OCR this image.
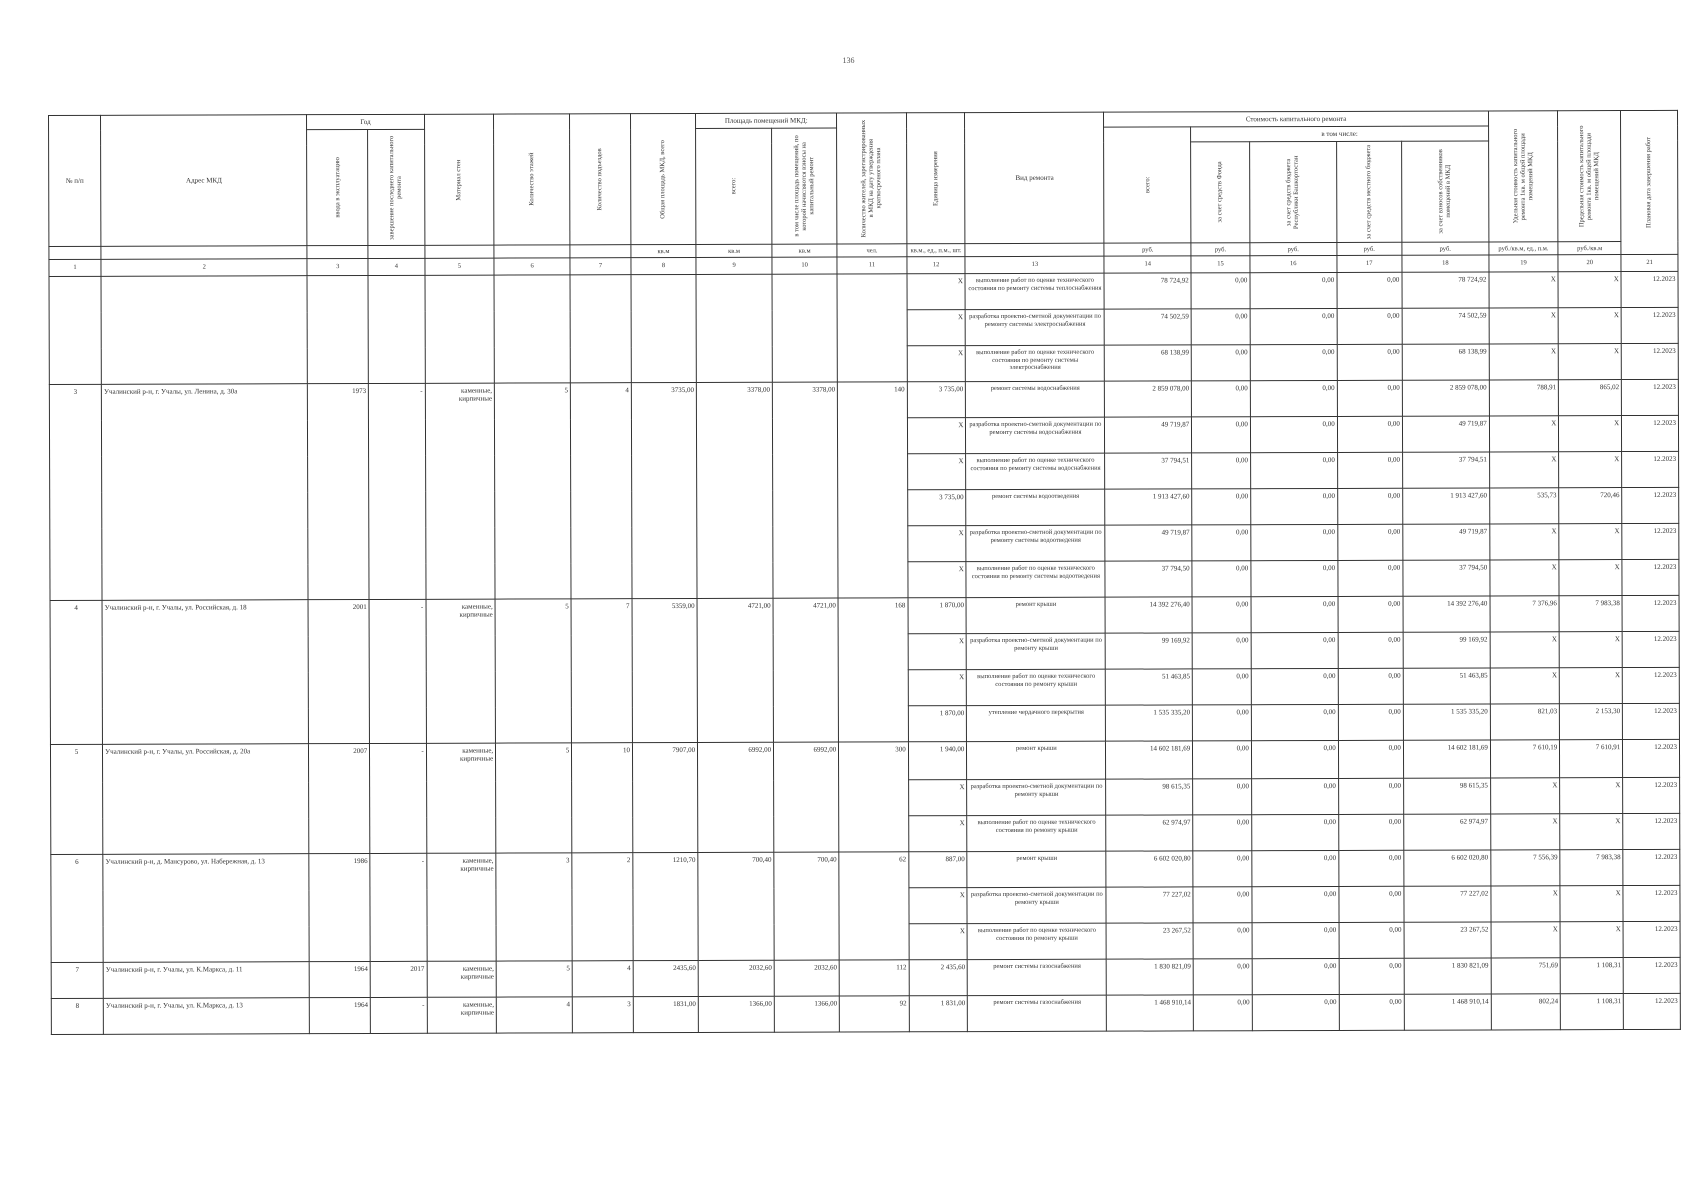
136
№ п/п	Адрес МКД	Год		Материал стен	Количество этажей	Количество подъездов	Общая площадь МКД, всего	Площадь помещений МКД:		Количество жителей, зарегистрированных в МКД на дату утверждения краткосрочного плана	Единица измерения	Вид ремонта	Стоимость капитального ремонта					Удельная стоимость капитального ремонта 1кв. м общей площади помещений МКД	Предельная стоимость капитального ремонта 1кв. м общей площади помещений МКД	Плановая дата завершения работ

		ввода в эксплуатацию	завершение последнего капитального ремонта					всего:	в том числе площадь помещений, по которой начисляются взносы на капитальный ремонт				всего:	в том числе:						

														за счет средств Фонда	за счет средств бюджета Республики Башкортостан	за счет средств местного бюджета	за счет взносов собственников помещений в МКД			

							кв.м	кв.м	кв.м	чел.	кв.м., ед., п.м., шт.		руб.	руб.	руб.	руб.	руб.	руб./кв.м, ед., п.м.	руб./кв.м	
1	2	3	4	5	6	7	8	9	10	11	12	13	14	15	16	17	18	19	20	21
											X	выполнение работ по оценке технического состояния по ремонту системы теплоснабжения	78 724,92	0,00	0,00	0,00	78 724,92	X	X	12.2023
											X	разработка проектно-сметной документации по ремонту системы электроснабжения	74 502,59	0,00	0,00	0,00	74 502,59	X	X	12.2023
											X	выполнение работ по оценке технического состояния по ремонту системы электроснабжения	68 138,99	0,00	0,00	0,00	68 138,99	X	X	12.2023
3	Учалинский р-н, г. Учалы, ул. Ленина, д. 30а	1973	-	каменные, кирпичные	5	4	3735,00	3378,00	3378,00	140	3 735,00	ремонт системы водоснабжения	2 859 078,00	0,00	0,00	0,00	2 859 078,00	788,91	865,02	12.2023
											X	разработка проектно-сметной документации по ремонту системы водоснабжения	49 719,87	0,00	0,00	0,00	49 719,87	X	X	12.2023
											X	выполнение работ по оценке технического состояния по ремонту системы водоснабжения	37 794,51	0,00	0,00	0,00	37 794,51	X	X	12.2023
											3 735,00	ремонт системы водоотведения	1 913 427,60	0,00	0,00	0,00	1 913 427,60	535,73	720,46	12.2023
											X	разработка проектно-сметной документации по ремонту системы водоотведения	49 719,87	0,00	0,00	0,00	49 719,87	X	X	12.2023
											X	выполнение работ по оценке технического состояния по ремонту системы водоотведения	37 794,50	0,00	0,00	0,00	37 794,50	X	X	12.2023
4	Учалинский р-н, г. Учалы, ул. Российская, д. 18	2001	-	каменные, кирпичные	5	7	5359,00	4721,00	4721,00	168	1 870,00	ремонт крыши	14 392 276,40	0,00	0,00	0,00	14 392 276,40	7 376,96	7 983,38	12.2023
											X	разработка проектно-сметной документации по ремонту крыши	99 169,92	0,00	0,00	0,00	99 169,92	X	X	12.2023
											X	выполнение работ по оценке технического состояния по ремонту крыши	51 463,85	0,00	0,00	0,00	51 463,85	X	X	12.2023
											1 870,00	утепление чердачного перекрытия	1 535 335,20	0,00	0,00	0,00	1 535 335,20	821,03	2 153,30	12.2023
5	Учалинский р-н, г. Учалы, ул. Российская, д. 20а	2007	-	каменные, кирпичные	5	10	7907,00	6992,00	6992,00	300	1 940,00	ремонт крыши	14 602 181,69	0,00	0,00	0,00	14 602 181,69	7 610,19	7 610,91	12.2023
											X	разработка проектно-сметной документации по ремонту крыши	98 615,35	0,00	0,00	0,00	98 615,35	X	X	12.2023
											X	выполнение работ по оценке технического состояния по ремонту крыши	62 974,97	0,00	0,00	0,00	62 974,97	X	X	12.2023
6	Учалинский р-н, д. Мансурово, ул. Набережная, д. 13	1986	-	каменные, кирпичные	3	2	1210,70	700,40	700,40	62	887,00	ремонт крыши	6 602 020,80	0,00	0,00	0,00	6 602 020,80	7 556,39	7 983,38	12.2023
											X	разработка проектно-сметной документации по ремонту крыши	77 227,02	0,00	0,00	0,00	77 227,02	X	X	12.2023
											X	выполнение работ по оценке технического состояния по ремонту крыши	23 267,52	0,00	0,00	0,00	23 267,52	X	X	12.2023
7	Учалинский р-н, г. Учалы, ул. К.Маркса, д. 11	1964	2017	каменные, кирпичные	5	4	2435,60	2032,60	2032,60	112	2 435,60	ремонт системы газоснабжения	1 830 821,09	0,00	0,00	0,00	1 830 821,09	751,69	1 108,31	12.2023
8	Учалинский р-н, г. Учалы, ул. К.Маркса, д. 13	1964	-	каменные, кирпичные	4	3	1831,00	1366,00	1366,00	92	1 831,00	ремонт системы газоснабжения	1 468 910,14	0,00	0,00	0,00	1 468 910,14	802,24	1 108,31	12.2023
